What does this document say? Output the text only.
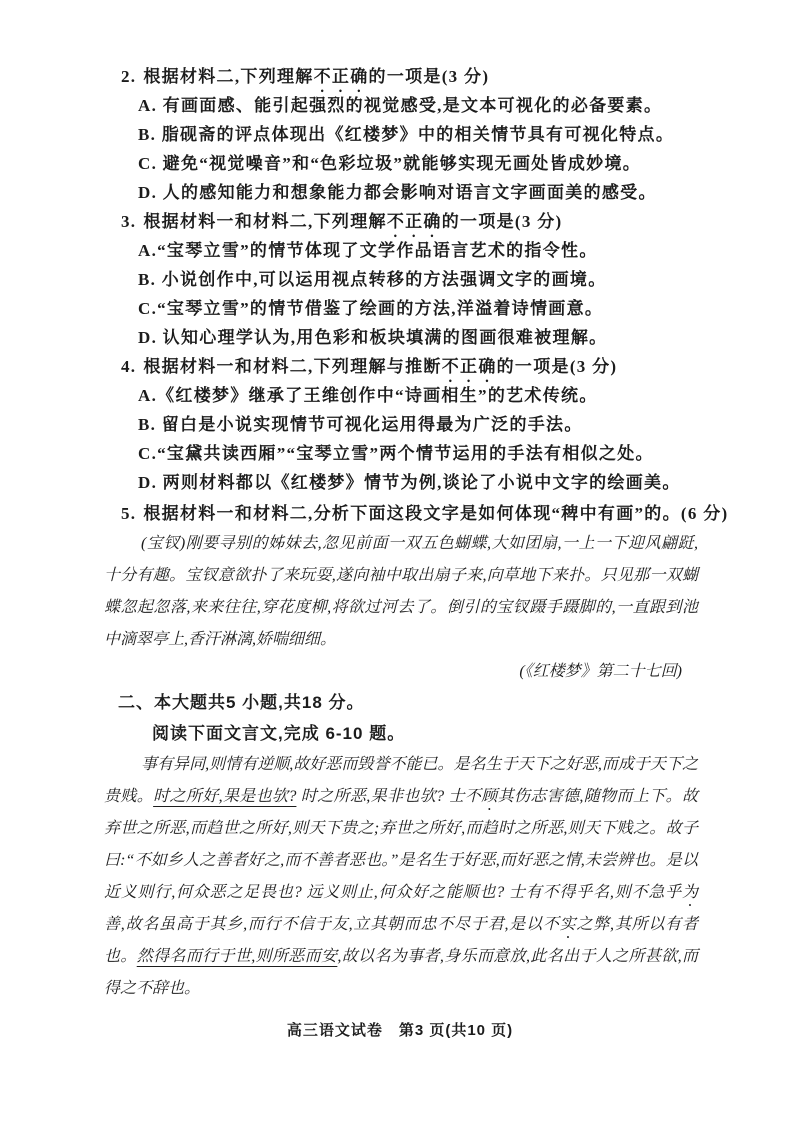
2. 根据材料二,下列理解不正确的一项是(3 分)
A. 有画面感、能引起强烈的视觉感受,是文本可视化的必备要素。
B. 脂砚斋的评点体现出《红楼梦》中的相关情节具有可视化特点。
C. 避免“视觉噪音”和“色彩垃圾”就能够实现无画处皆成妙境。
D. 人的感知能力和想象能力都会影响对语言文字画面美的感受。
3. 根据材料一和材料二,下列理解不正确的一项是(3 分)
A.“宝琴立雪”的情节体现了文学作品语言艺术的指令性。
B. 小说创作中,可以运用视点转移的方法强调文字的画境。
C.“宝琴立雪”的情节借鉴了绘画的方法,洋溢着诗情画意。
D. 认知心理学认为,用色彩和板块填满的图画很难被理解。
4. 根据材料一和材料二,下列理解与推断不正确的一项是(3 分)
A.《红楼梦》继承了王维创作中“诗画相生”的艺术传统。
B. 留白是小说实现情节可视化运用得最为广泛的手法。
C.“宝黛共读西厢”“宝琴立雪”两个情节运用的手法有相似之处。
D. 两则材料都以《红楼梦》情节为例,谈论了小说中文字的绘画美。
5. 根据材料一和材料二,分析下面这段文字是如何体现“稗中有画”的。(6 分)
(宝钗)刚要寻别的姊妹去,忽见前面一双五色蝴蝶,大如团扇,一上一下迎风翩跹,
十分有趣。宝钗意欲扑了来玩耍,遂向袖中取出扇子来,向草地下来扑。只见那一双蝴
蝶忽起忽落,来来往往,穿花度柳,将欲过河去了。倒引的宝钗蹑手蹑脚的,一直跟到池
中滴翠亭上,香汗淋漓,娇喘细细。
(《红楼梦》第二十七回)
二、本大题共5 小题,共18 分。
阅读下面文言文,完成 6-10 题。
事有异同,则情有逆顺,故好恶而毁誉不能已。是名生于天下之好恶,而成于天下之
贵贱。时之所好,果是也欤? 时之所恶,果非也欤? 士不顾其伤志害德,随物而上下。故
弃世之所恶,而趋世之所好,则天下贵之;弃世之所好,而趋时之所恶,则天下贱之。故子
曰:“不如乡人之善者好之,而不善者恶也。”是名生于好恶,而好恶之情,未尝辨也。是以
近义则行,何众恶之足畏也? 远义则止,何众好之能顺也? 士有不得乎名,则不急乎为
善,故名虽高于其乡,而行不信于友,立其朝而忠不尽于君,是以不实之弊,其所以有者
也。然得名而行于世,则所恶而安,故以名为事者,身乐而意放,此名出于人之所甚欲,而
得之不辞也。
高三语文试卷　第3 页(共10 页)
